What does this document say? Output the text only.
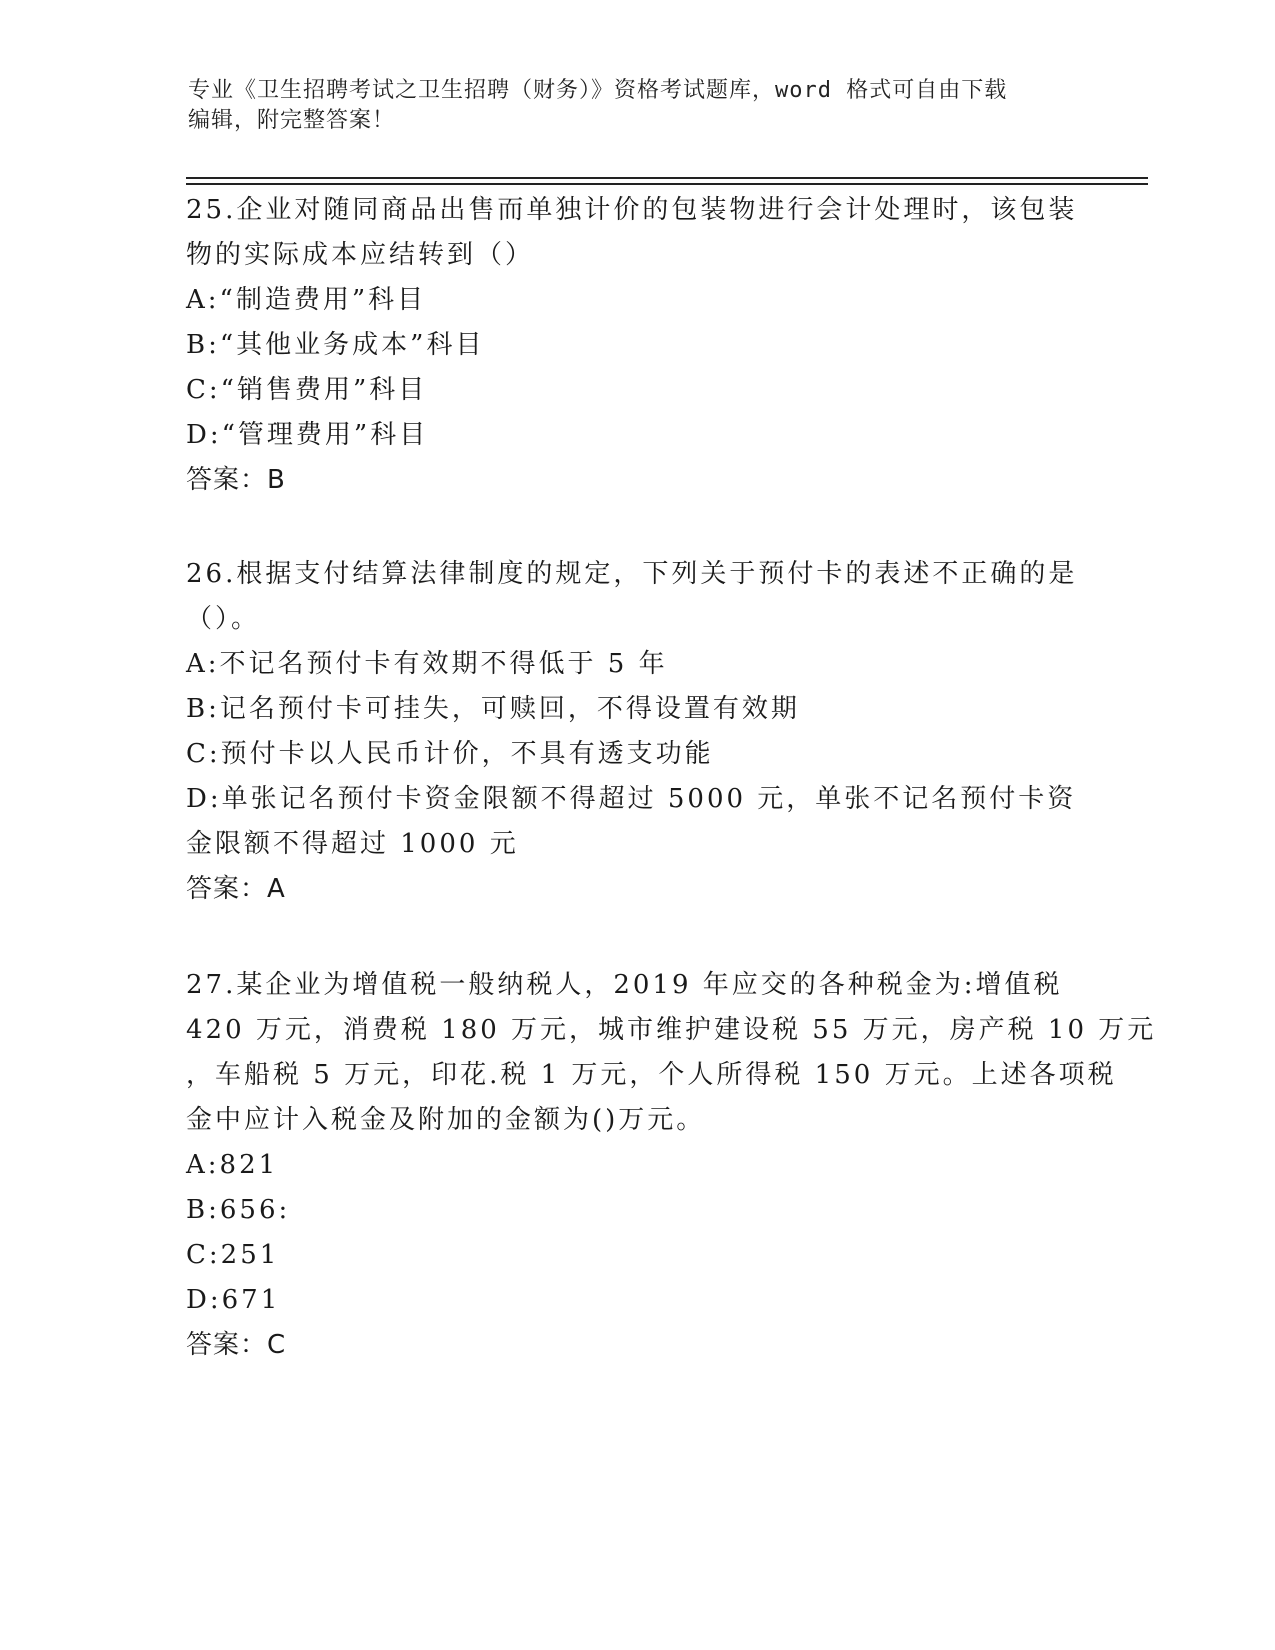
专业《卫生招聘考试之卫生招聘（财务）》资格考试题库，word 格式可自由下载
编辑，附完整答案！
25.企业对随同商品出售而单独计价的包装物进行会计处理时，该包装
物的实际成本应结转到（）
A:“制造费用”科目
B:“其他业务成本”科目
C:“销售费用”科目
D:“管理费用”科目
答案：B
26.根据支付结算法律制度的规定，下列关于预付卡的表述不正确的是
（）。
A:不记名预付卡有效期不得低于 5 年
B:记名预付卡可挂失，可赎回，不得设置有效期
C:预付卡以人民币计价，不具有透支功能
D:单张记名预付卡资金限额不得超过 5000 元，单张不记名预付卡资
金限额不得超过 1000 元
答案：A
27.某企业为增值税一般纳税人，2019 年应交的各种税金为:增值税
420 万元，消费税 180 万元，城市维护建设税 55 万元，房产税 10 万元
，车船税 5 万元，印花.税 1 万元，个人所得税 150 万元。上述各项税
金中应计入税金及附加的金额为()万元。
A:821
B:656:
C:251
D:671
答案：C
